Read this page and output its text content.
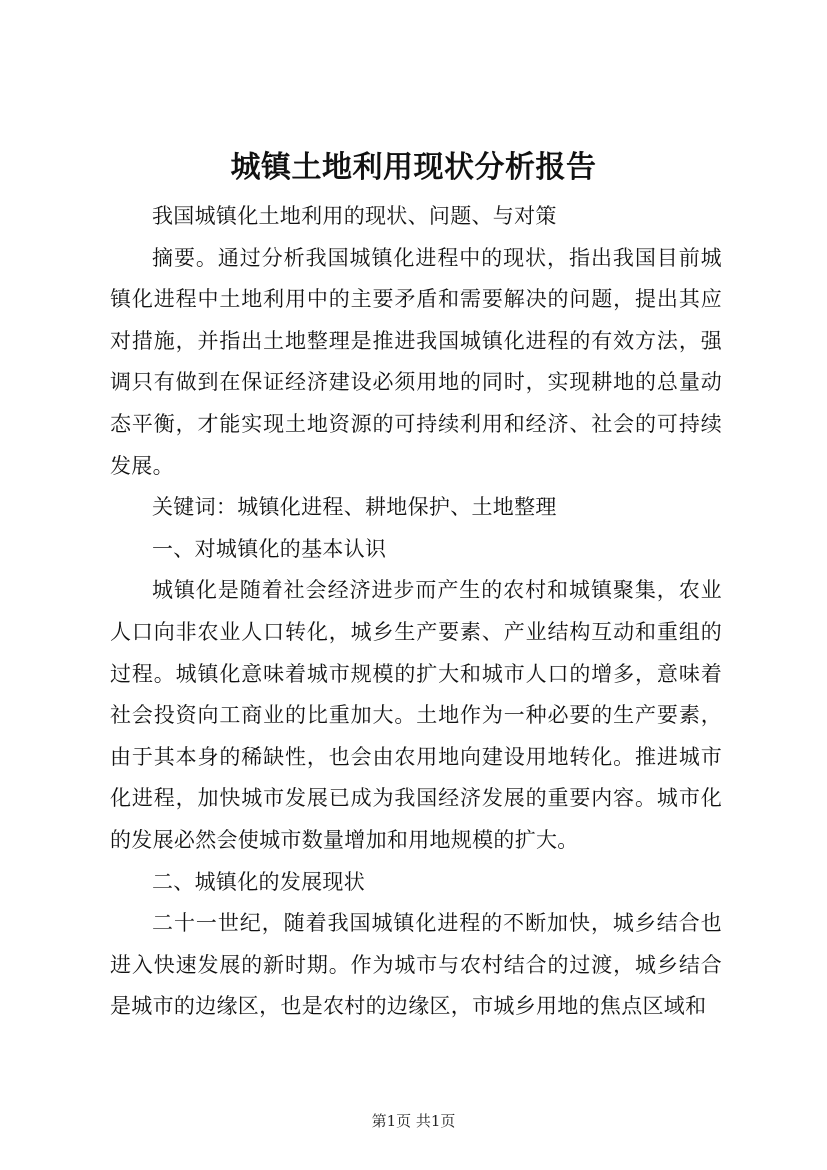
城镇土地利用现状分析报告

我国城镇化土地利用的现状、问题、与对策

摘要。通过分析我国城镇化进程中的现状，指出我国目前城镇化进程中土地利用中的主要矛盾和需要解决的问题，提出其应对措施，并指出土地整理是推进我国城镇化进程的有效方法，强调只有做到在保证经济建设必须用地的同时，实现耕地的总量动态平衡，才能实现土地资源的可持续利用和经济、社会的可持续发展。

关键词：城镇化进程、耕地保护、土地整理

一、对城镇化的基本认识

城镇化是随着社会经济进步而产生的农村和城镇聚集，农业人口向非农业人口转化，城乡生产要素、产业结构互动和重组的过程。城镇化意味着城市规模的扩大和城市人口的增多，意味着社会投资向工商业的比重加大。土地作为一种必要的生产要素，由于其本身的稀缺性，也会由农用地向建设用地转化。推进城市化进程，加快城市发展已成为我国经济发展的重要内容。城市化的发展必然会使城市数量增加和用地规模的扩大。

二、城镇化的发展现状

二十一世纪，随着我国城镇化进程的不断加快，城乡结合也进入快速发展的新时期。作为城市与农村结合的过渡，城乡结合是城市的边缘区，也是农村的边缘区，市城乡用地的焦点区域和

第1页 共1页
